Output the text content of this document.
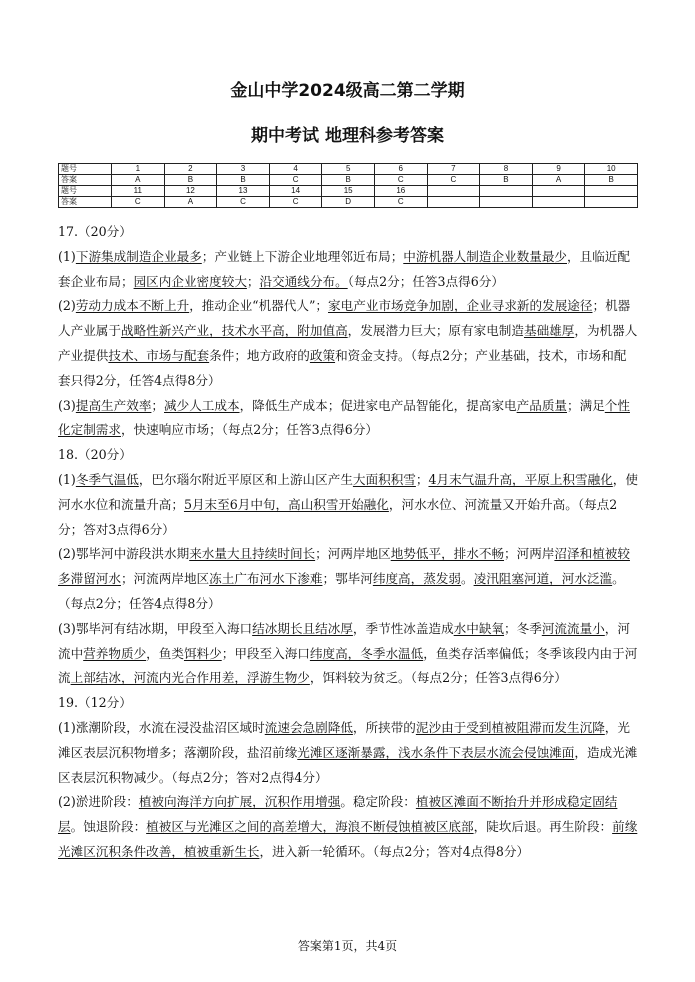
金山中学2024级高二第二学期
期中考试 地理科参考答案
题号	1	2	3	4	5	6	7	8	9	10
答案	A	B	B	C	B	C	C	B	A	B
题号	11	12	13	14	15	16				
答案	C	A	C	C	D	C				

17.（20分）

(1)下游集成制造企业最多；产业链上下游企业地理邻近布局；中游机器人制造企业数量最少，且临近配套企业布局；园区内企业密度较大；沿交通线分布。（每点2分；任答3点得6分）

(2)劳动力成本不断上升，推动企业“机器代人”；家电产业市场竞争加剧，企业寻求新的发展途径；机器人产业属于战略性新兴产业，技术水平高，附加值高，发展潜力巨大；原有家电制造基础雄厚，为机器人产业提供技术、市场与配套条件；地方政府的政策和资金支持。（每点2分；产业基础，技术，市场和配套只得2分，任答4点得8分）

(3)提高生产效率；减少人工成本，降低生产成本；促进家电产品智能化，提高家电产品质量；满足个性化定制需求，快速响应市场；（每点2分；任答3点得6分）

18.（20分）

(1)冬季气温低，巴尔瑙尔附近平原区和上游山区产生大面积积雪；4月末气温升高，平原上积雪融化，使河水水位和流量升高；5月末至6月中旬，高山积雪开始融化，河水水位、河流量又开始升高。（每点2分；答对3点得6分）

(2)鄂毕河中游段洪水期来水量大且持续时间长；河两岸地区地势低平，排水不畅；河两岸沼泽和植被较多滞留河水；河流两岸地区冻土广布河水下渗难；鄂毕河纬度高，蒸发弱。凌汛阻塞河道，河水泛滥。（每点2分；任答4点得8分）

(3)鄂毕河有结冰期，甲段至入海口结冰期长且结冰厚，季节性冰盖造成水中缺氧；冬季河流流量小，河流中营养物质少，鱼类饵料少；甲段至入海口纬度高，冬季水温低，鱼类存活率偏低；冬季该段内由于河流上部结冰，河流内光合作用差，浮游生物少，饵料较为贫乏。（每点2分；任答3点得6分）

19.（12分）

(1)涨潮阶段，水流在浸没盐沼区域时流速会急剧降低，所挟带的泥沙由于受到植被阻滞而发生沉降，光滩区表层沉积物增多；落潮阶段，盐沼前缘光滩区逐渐暴露，浅水条件下表层水流会侵蚀滩面，造成光滩区表层沉积物减少。（每点2分；答对2点得4分）

(2)淤进阶段：植被向海洋方向扩展，沉积作用增强。稳定阶段：植被区滩面不断抬升并形成稳定固结层。蚀退阶段：植被区与光滩区之间的高差增大，海浪不断侵蚀植被区底部，陡坎后退。再生阶段：前缘光滩区沉积条件改善，植被重新生长，进入新一轮循环。（每点2分；答对4点得8分）

答案第1页，共4页
